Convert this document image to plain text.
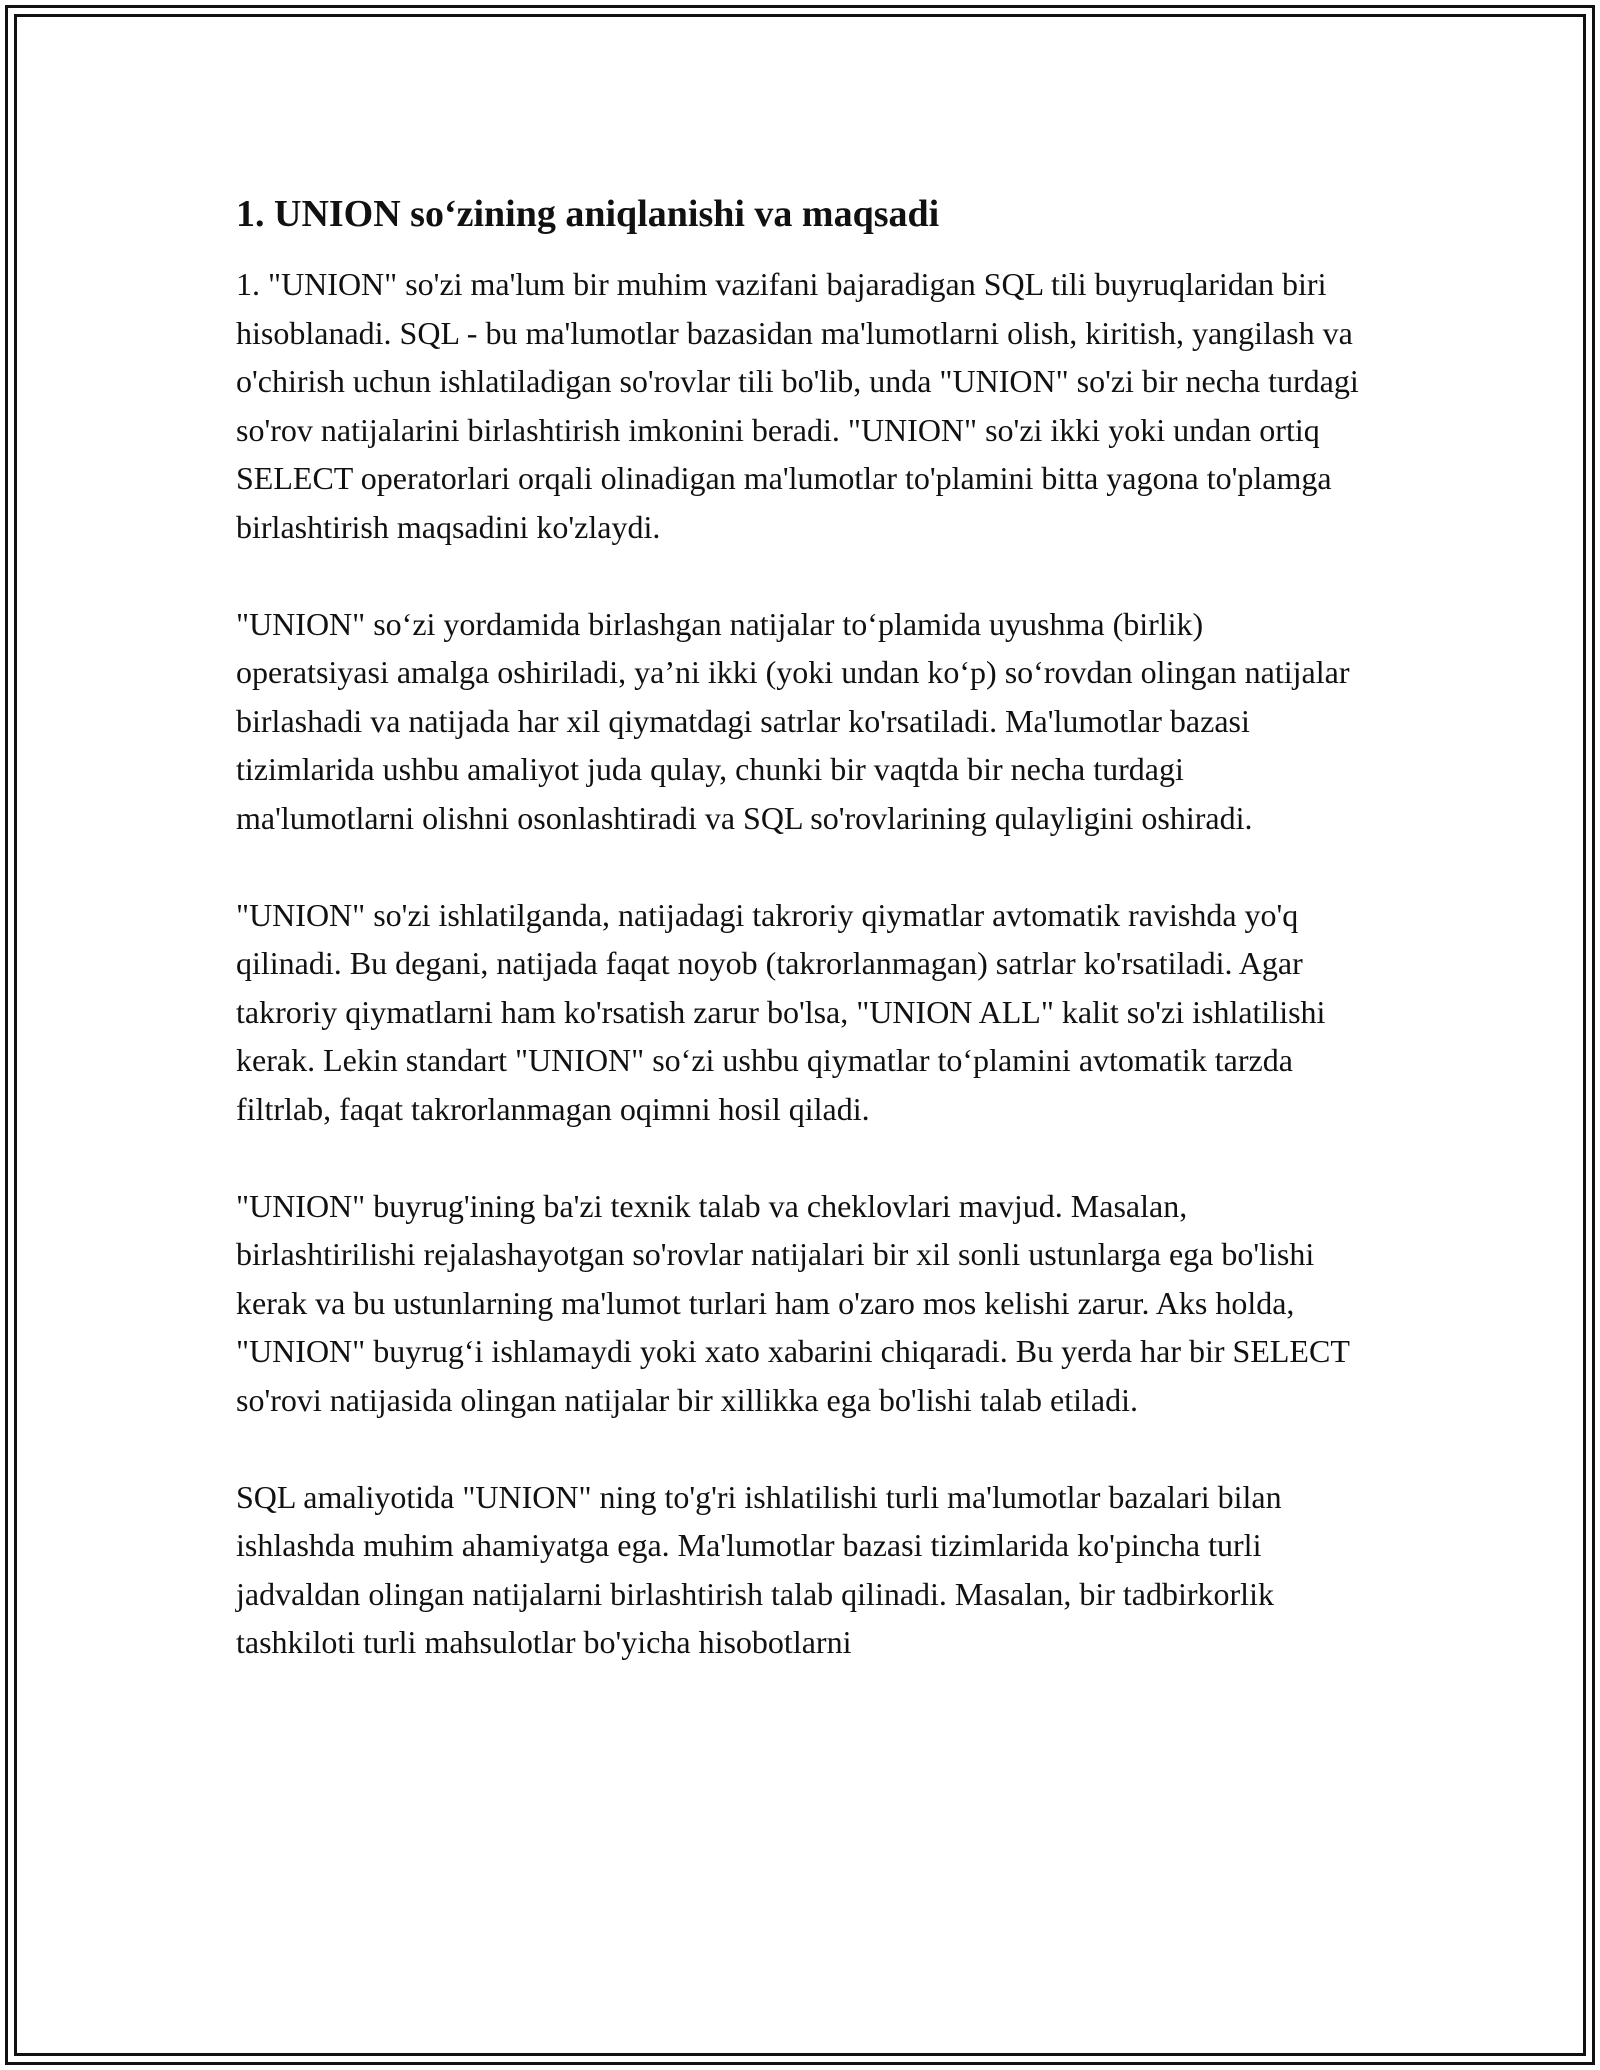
1. UNION so‘zining aniqlanishi va maqsadi

1. "UNION" so'zi ma'lum bir muhim vazifani bajaradigan SQL tili buyruqlaridan biri hisoblanadi. SQL - bu ma'lumotlar bazasidan ma'lumotlarni olish, kiritish, yangilash va o'chirish uchun ishlatiladigan so'rovlar tili bo'lib, unda "UNION" so'zi bir necha turdagi so'rov natijalarini birlashtirish imkonini beradi. "UNION" so'zi ikki yoki undan ortiq SELECT operatorlari orqali olinadigan ma'lumotlar to'plamini bitta yagona to'plamga birlashtirish maqsadini ko'zlaydi.

"UNION" so‘zi yordamida birlashgan natijalar to‘plamida uyushma (birlik) operatsiyasi amalga oshiriladi, ya’ni ikki (yoki undan ko‘p) so‘rovdan olingan natijalar birlashadi va natijada har xil qiymatdagi satrlar ko'rsatiladi. Ma'lumotlar bazasi tizimlarida ushbu amaliyot juda qulay, chunki bir vaqtda bir necha turdagi ma'lumotlarni olishni osonlashtiradi va SQL so'rovlarining qulayligini oshiradi.

"UNION" so'zi ishlatilganda, natijadagi takroriy qiymatlar avtomatik ravishda yo'q qilinadi. Bu degani, natijada faqat noyob (takrorlanmagan) satrlar ko'rsatiladi. Agar takroriy qiymatlarni ham ko'rsatish zarur bo'lsa, "UNION ALL" kalit so'zi ishlatilishi kerak. Lekin standart "UNION" so‘zi ushbu qiymatlar to‘plamini avtomatik tarzda filtrlab, faqat takrorlanmagan oqimni hosil qiladi.

"UNION" buyrug'ining ba'zi texnik talab va cheklovlari mavjud. Masalan, birlashtirilishi rejalashayotgan so'rovlar natijalari bir xil sonli ustunlarga ega bo'lishi kerak va bu ustunlarning ma'lumot turlari ham o'zaro mos kelishi zarur. Aks holda, "UNION" buyrug‘i ishlamaydi yoki xato xabarini chiqaradi. Bu yerda har bir SELECT so'rovi natijasida olingan natijalar bir xillikka ega bo'lishi talab etiladi.

SQL amaliyotida "UNION" ning to'g'ri ishlatilishi turli ma'lumotlar bazalari bilan ishlashda muhim ahamiyatga ega. Ma'lumotlar bazasi tizimlarida ko'pincha turli jadvaldan olingan natijalarni birlashtirish talab qilinadi. Masalan, bir tadbirkorlik tashkiloti turli mahsulotlar bo'yicha hisobotlarni
